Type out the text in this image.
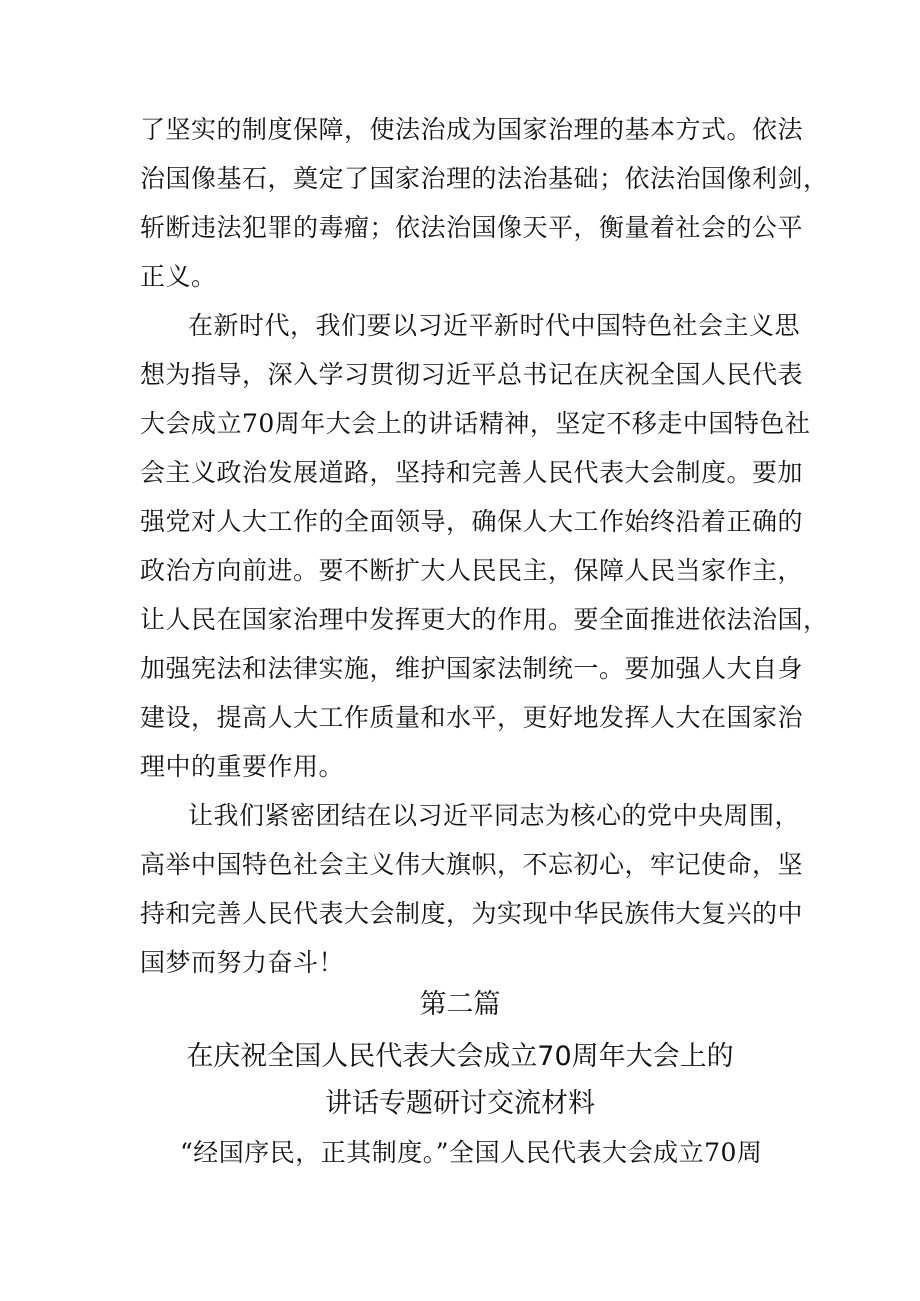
了坚实的制度保障，使法治成为国家治理的基本方式。依法
治国像基石，奠定了国家治理的法治基础；依法治国像利剑，
斩断违法犯罪的毒瘤；依法治国像天平，衡量着社会的公平
正义。
在新时代，我们要以习近平新时代中国特色社会主义思
想为指导，深入学习贯彻习近平总书记在庆祝全国人民代表
大会成立70周年大会上的讲话精神，坚定不移走中国特色社
会主义政治发展道路，坚持和完善人民代表大会制度。要加
强党对人大工作的全面领导，确保人大工作始终沿着正确的
政治方向前进。要不断扩大人民民主，保障人民当家作主，
让人民在国家治理中发挥更大的作用。要全面推进依法治国，
加强宪法和法律实施，维护国家法制统一。要加强人大自身
建设，提高人大工作质量和水平，更好地发挥人大在国家治
理中的重要作用。
让我们紧密团结在以习近平同志为核心的党中央周围，
高举中国特色社会主义伟大旗帜，不忘初心，牢记使命，坚
持和完善人民代表大会制度，为实现中华民族伟大复兴的中
国梦而努力奋斗！
第二篇
在庆祝全国人民代表大会成立70周年大会上的
讲话专题研讨交流材料
“经国序民，正其制度。”全国人民代表大会成立70周
